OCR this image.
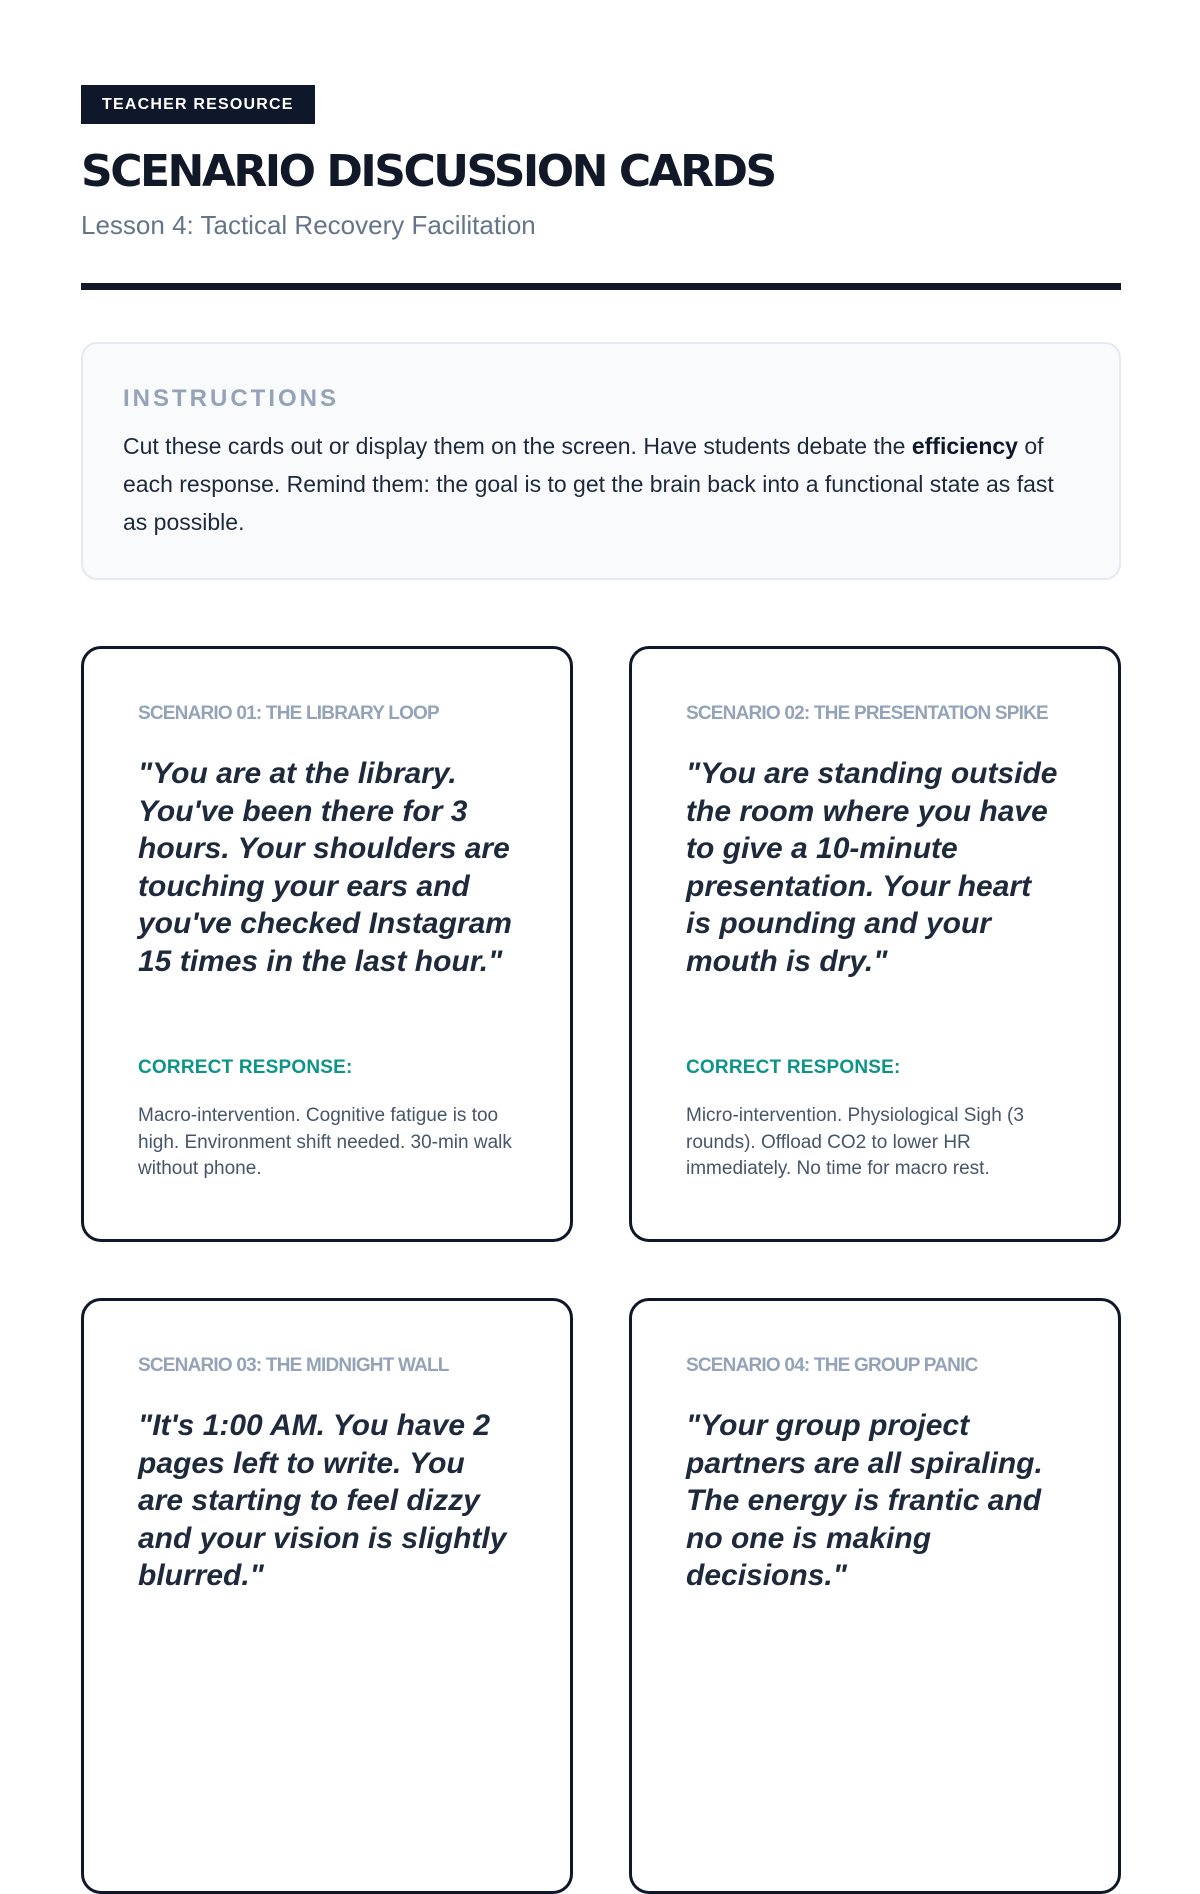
TEACHER RESOURCE
SCENARIO DISCUSSION CARDS
Lesson 4: Tactical Recovery Facilitation
INSTRUCTIONS
Cut these cards out or display them on the screen. Have students debate the efficiency of each response. Remind them: the goal is to get the brain back into a functional state as fast as possible.
SCENARIO 01: THE LIBRARY LOOP
"You are at the library. You've been there for 3 hours. Your shoulders are touching your ears and you've checked Instagram 15 times in the last hour."
CORRECT RESPONSE:
Macro-intervention. Cognitive fatigue is too high. Environment shift needed. 30-min walk without phone.
SCENARIO 02: THE PRESENTATION SPIKE
"You are standing outside the room where you have to give a 10-minute presentation. Your heart is pounding and your mouth is dry."
CORRECT RESPONSE:
Micro-intervention. Physiological Sigh (3 rounds). Offload CO2 to lower HR immediately. No time for macro rest.
SCENARIO 03: THE MIDNIGHT WALL
"It's 1:00 AM. You have 2 pages left to write. You are starting to feel dizzy and your vision is slightly blurred."
SCENARIO 04: THE GROUP PANIC
"Your group project partners are all spiraling. The energy is frantic and no one is making decisions."
